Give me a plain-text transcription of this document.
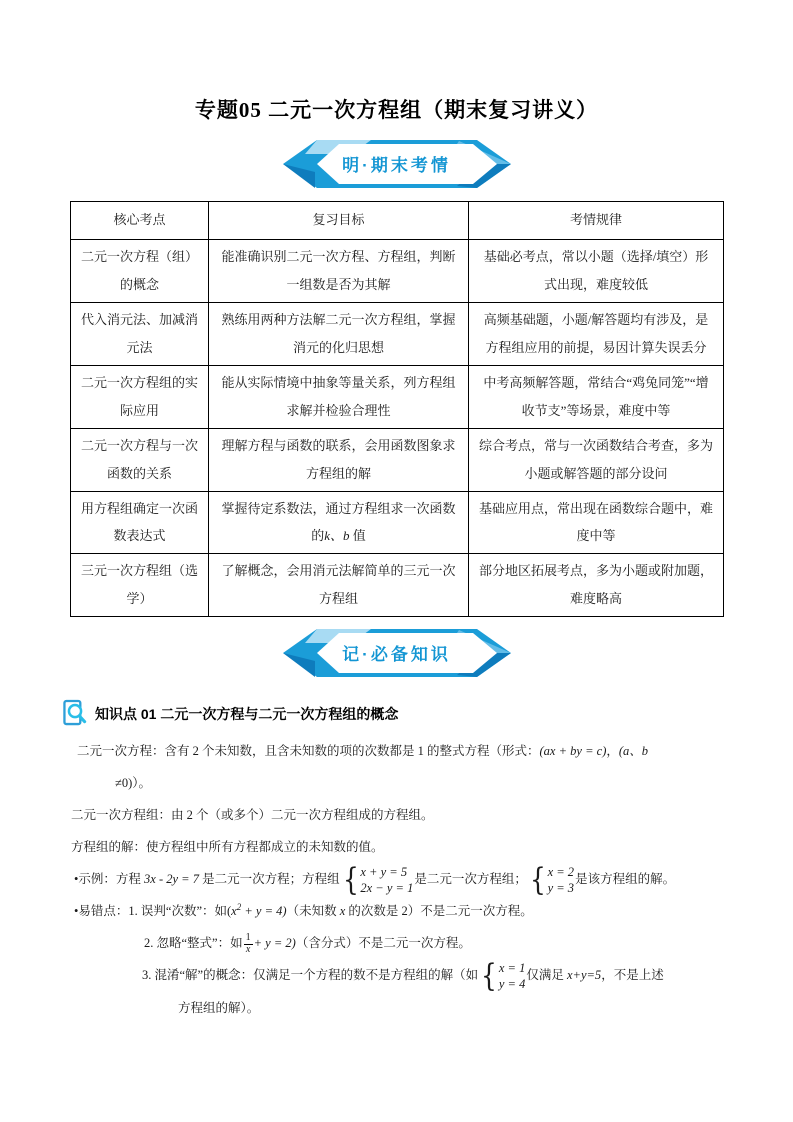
专题05 二元一次方程组（期末复习讲义）
明·期末考情
核心考点	复习目标	考情规律
二元一次方程（组）的概念	能准确识别二元一次方程、方程组，判断一组数是否为其解	基础必考点，常以小题（选择/填空）形式出现，难度较低
代入消元法、加减消元法	熟练用两种方法解二元一次方程组，掌握消元的化归思想	高频基础题，小题/解答题均有涉及，是方程组应用的前提，易因计算失误丢分
二元一次方程组的实际应用	能从实际情境中抽象等量关系，列方程组求解并检验合理性	中考高频解答题，常结合“鸡兔同笼”“增收节支”等场景，难度中等
二元一次方程与一次函数的关系	理解方程与函数的联系，会用函数图象求方程组的解	综合考点，常与一次函数结合考查，多为小题或解答题的部分设问
用方程组确定一次函数表达式	掌握待定系数法，通过方程组求一次函数的k、b 值	基础应用点，常出现在函数综合题中，难度中等
三元一次方程组（选学）	了解概念，会用消元法解简单的三元一次方程组	部分地区拓展考点，多为小题或附加题，难度略高
记·必备知识
知识点 01 二元一次方程与二元一次方程组的概念

二元一次方程：含有 2 个未知数，且含未知数的项的次数都是 1 的整式方程（形式：(ax + by = c)，(a、b
≠0)）。

二元一次方程组：由 2 个（或多个）二元一次方程组成的方程组。

方程组的解：使方程组中所有方程都成立的未知数的值。

•示例：方程 3x - 2y = 7 是二元一次方程；方程组 { x + y = 5
2x − y = 1
是二元一次方程组； { x = 2
y = 3
是该方程组的解。

•易错点：1. 误判“次数”：如$(x^2 + y = 4)$（未知数 x 的次数是 2）不是二元一次方程。

2. 忽略“整式”：如 $\frac{1}{x} + y = 2$)（含分式）不是二元一次方程。

3. 混淆“解”的概念：仅满足一个方程的数不是方程组的解（如 { x = 1
y = 4
仅满足 x+y=5，不是上述
方程组的解）。
